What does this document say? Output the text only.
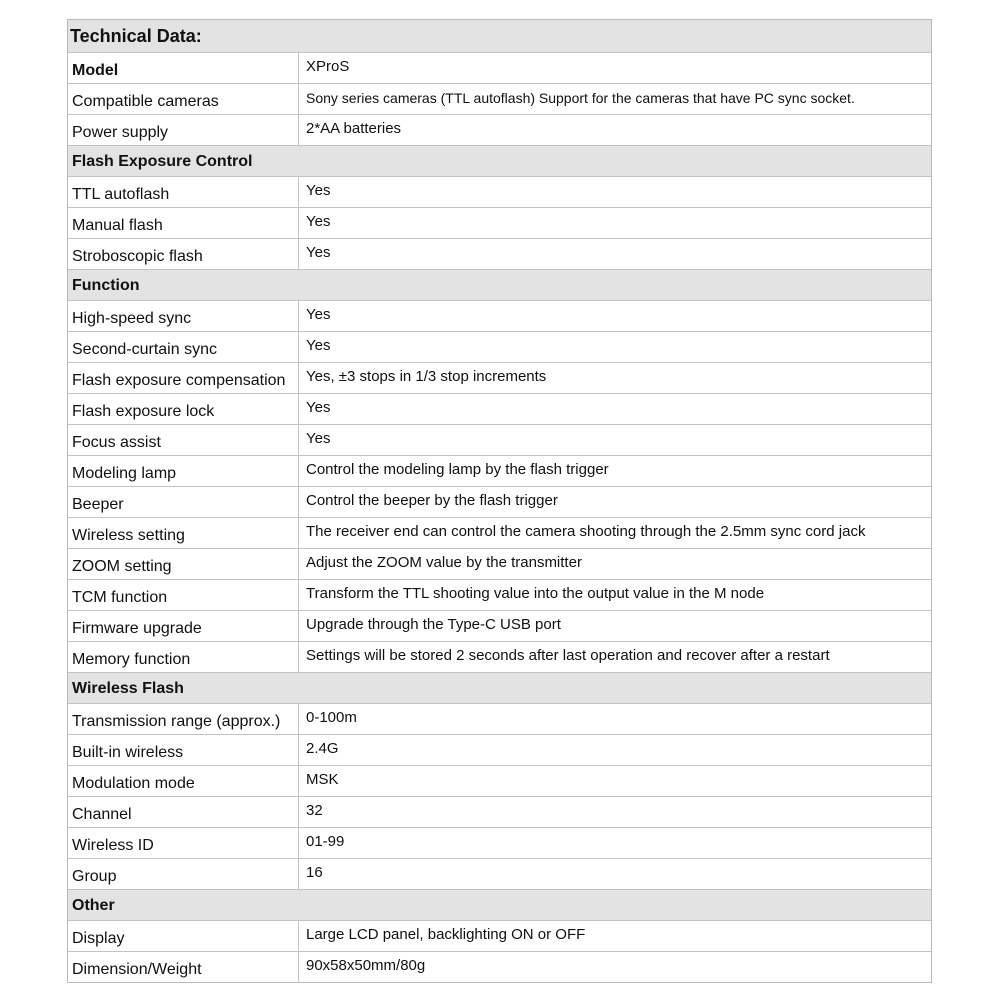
Technical Data:
Model	XProS
Compatible cameras	Sony series cameras (TTL autoflash) Support for the cameras that have PC sync socket.
Power supply	2*AA batteries
Flash Exposure Control
TTL autoflash	Yes
Manual flash	Yes
Stroboscopic flash	Yes
Function
High-speed sync	Yes
Second-curtain sync	Yes
Flash exposure compensation	Yes, ±3 stops in 1/3 stop increments
Flash exposure lock	Yes
Focus assist	Yes
Modeling lamp	Control the modeling lamp by the flash trigger
Beeper	Control the beeper by the flash trigger
Wireless setting	The receiver end can control the camera shooting through the 2.5mm sync cord jack
ZOOM setting	Adjust the ZOOM value by the transmitter
TCM function	Transform the TTL shooting value into the output value in the M node
Firmware upgrade	Upgrade through the Type-C USB port
Memory function	Settings will be stored 2 seconds after last operation and recover after a restart
Wireless Flash
Transmission range (approx.)	0-100m
Built-in wireless	2.4G
Modulation mode	MSK
Channel	32
Wireless ID	01-99
Group	16
Other
Display	Large LCD panel, backlighting ON or OFF
Dimension/Weight	90x58x50mm/80g
